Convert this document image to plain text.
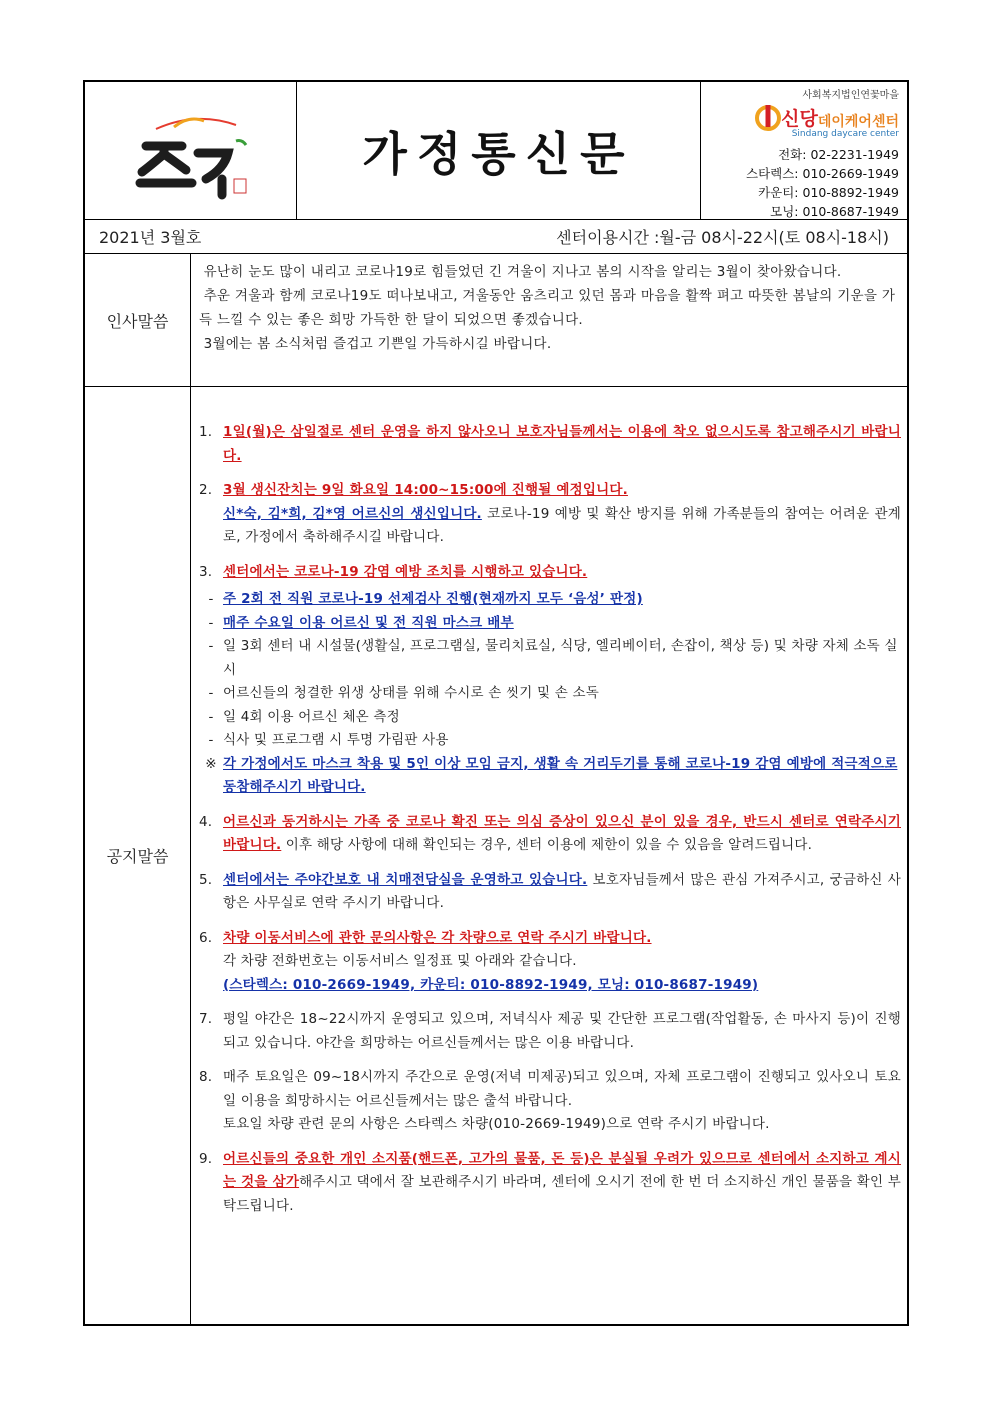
가정통신문
사회복지법인연꽃마을
신당 데이케어센터
Sindang daycare center
전화: 02-2231-1949
스타렉스: 010-2669-1949
카운티: 010-8892-1949
모닝: 010-8687-1949
2021년 3월호	센터이용시간 :월-금 08시-22시(토 08시-18시)
인사말씀
유난히 눈도 많이 내리고 코로나19로 힘들었던 긴 겨울이 지나고 봄의 시작을 알리는 3월이 찾아왔습니다.
추운 겨울과 함께 코로나19도 떠나보내고, 겨울동안 움츠리고 있던 몸과 마음을 활짝 펴고 따뜻한 봄날의 기운을 가득 느낄 수 있는 좋은 희망 가득한 한 달이 되었으면 좋겠습니다.
3월에는 봄 소식처럼 즐겁고 기쁜일 가득하시길 바랍니다.
공지말씀
1. 1일(월)은 삼일절로 센터 운영을 하지 않사오니 보호자님들께서는 이용에 착오 없으시도록 참고해주시기 바랍니다.
2. 3월 생신잔치는 9일 화요일 14:00~15:00에 진행될 예정입니다.
신*숙, 김*희, 김*영 어르신의 생신입니다. 코로나-19 예방 및 확산 방지를 위해 가족분들의 참여는 어려운 관계로, 가정에서 축하해주시길 바랍니다.
3. 센터에서는 코로나-19 감염 예방 조치를 시행하고 있습니다.
- 주 2회 전 직원 코로나-19 선제검사 진행(현재까지 모두 ‘음성’ 판정)
- 매주 수요일 이용 어르신 및 전 직원 마스크 배부
- 일 3회 센터 내 시설물(생활실, 프로그램실, 물리치료실, 식당, 엘리베이터, 손잡이, 책상 등) 및 차량 자체 소독 실시
- 어르신들의 청결한 위생 상태를 위해 수시로 손 씻기 및 손 소독
- 일 4회 이용 어르신 체온 측정
- 식사 및 프로그램 시 투명 가림판 사용
※ 각 가정에서도 마스크 착용 및 5인 이상 모임 금지, 생활 속 거리두기를 통해 코로나-19 감염 예방에 적극적으로 동참해주시기 바랍니다.
4. 어르신과 동거하시는 가족 중 코로나 확진 또는 의심 증상이 있으신 분이 있을 경우, 반드시 센터로 연락주시기 바랍니다. 이후 해당 사항에 대해 확인되는 경우, 센터 이용에 제한이 있을 수 있음을 알려드립니다.
5. 센터에서는 주야간보호 내 치매전담실을 운영하고 있습니다. 보호자님들께서 많은 관심 가져주시고, 궁금하신 사항은 사무실로 연락 주시기 바랍니다.
6. 차량 이동서비스에 관한 문의사항은 각 차량으로 연락 주시기 바랍니다.
각 차량 전화번호는 이동서비스 일정표 및 아래와 같습니다.
(스타렉스: 010-2669-1949, 카운티: 010-8892-1949, 모닝: 010-8687-1949)
7. 평일 야간은 18~22시까지 운영되고 있으며, 저녁식사 제공 및 간단한 프로그램(작업활동, 손 마사지 등)이 진행되고 있습니다. 야간을 희망하는 어르신들께서는 많은 이용 바랍니다.
8. 매주 토요일은 09~18시까지 주간으로 운영(저녁 미제공)되고 있으며, 자체 프로그램이 진행되고 있사오니 토요일 이용을 희망하시는 어르신들께서는 많은 출석 바랍니다.
토요일 차량 관련 문의 사항은 스타렉스 차량(010-2669-1949)으로 연락 주시기 바랍니다.
9. 어르신들의 중요한 개인 소지품(핸드폰, 고가의 물품, 돈 등)은 분실될 우려가 있으므로 센터에서 소지하고 계시는 것을 삼가해주시고 댁에서 잘 보관해주시기 바라며, 센터에 오시기 전에 한 번 더 소지하신 개인 물품을 확인 부탁드립니다.
